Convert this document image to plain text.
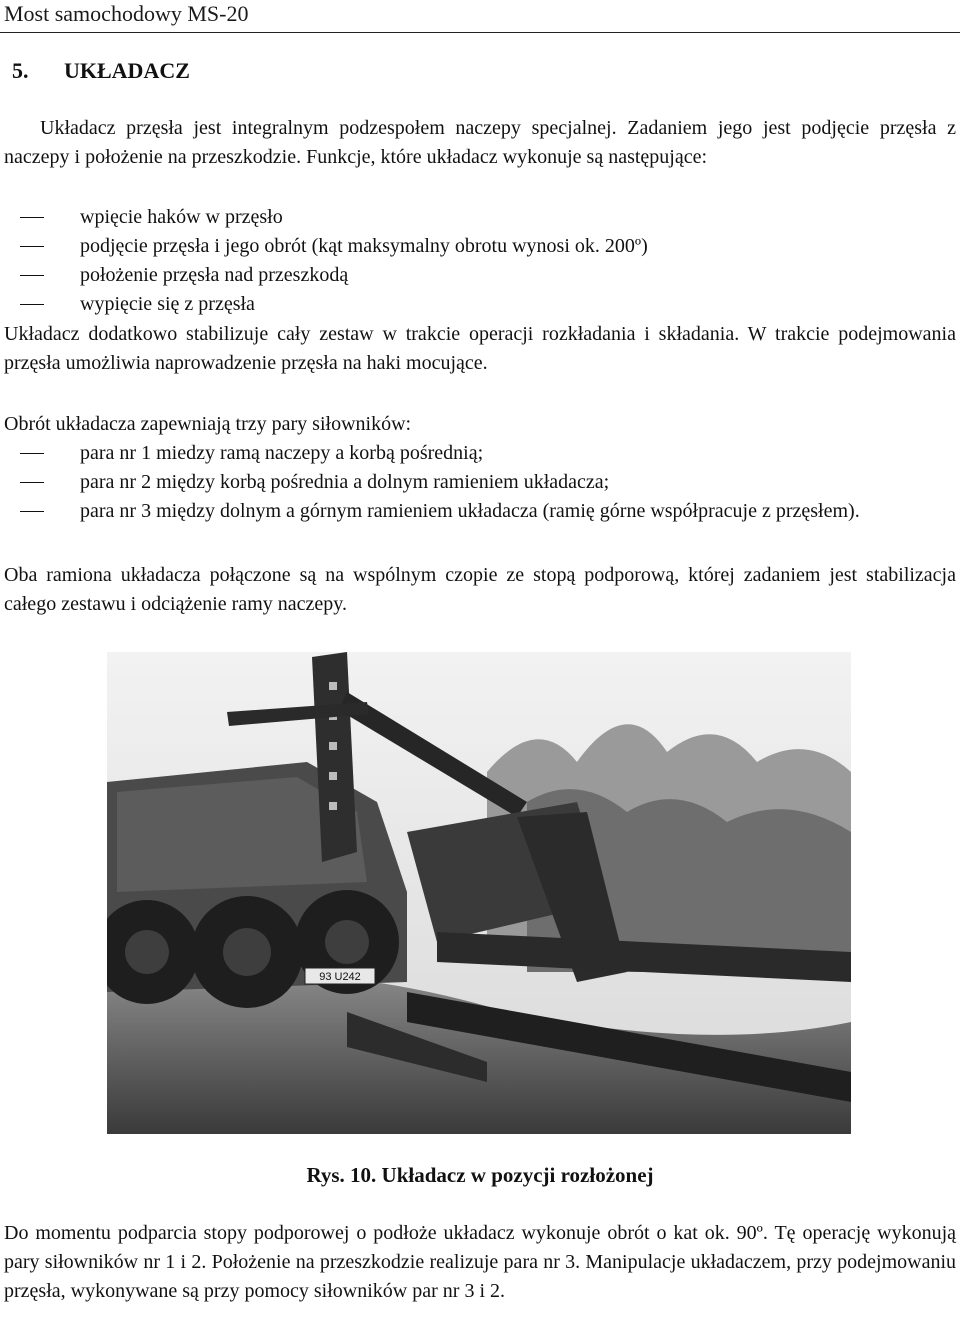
Most samochodowy MS-20
5. UKŁADACZ
Układacz przęsła jest integralnym podzespołem naczepy specjalnej. Zadaniem jego jest podjęcie przęsła z naczepy i położenie na przeszkodzie. Funkcje, które układacz wykonuje są następujące:
wpięcie haków w przęsło
podjęcie przęsła i jego obrót (kąt maksymalny obrotu wynosi ok. 200º)
położenie przęsła nad przeszkodą
wypięcie się z przęsła
Układacz dodatkowo stabilizuje cały zestaw w trakcie operacji rozkładania i składania. W trakcie podejmowania przęsła umożliwia naprowadzenie przęsła na haki mocujące.
Obrót układacza zapewniają trzy pary siłowników:
para nr 1 miedzy ramą naczepy a korbą pośrednią;
para nr 2 między korbą pośrednia a dolnym ramieniem układacza;
para nr 3 między dolnym a górnym ramieniem układacza (ramię górne współpracuje z przęsłem).
Oba ramiona układacza połączone są na wspólnym czopie ze stopą podporową, której zadaniem jest stabilizacja całego zestawu i odciążenie ramy naczepy.
93 U242
Rys. 10. Układacz w pozycji rozłożonej
Do momentu podparcia stopy podporowej o podłoże układacz wykonuje obrót o kat ok. 90º. Tę operację wykonują pary siłowników nr 1 i 2. Położenie na przeszkodzie realizuje para nr 3. Manipulacje układaczem, przy podejmowaniu przęsła, wykonywane są przy pomocy siłowników par nr 3 i 2.
